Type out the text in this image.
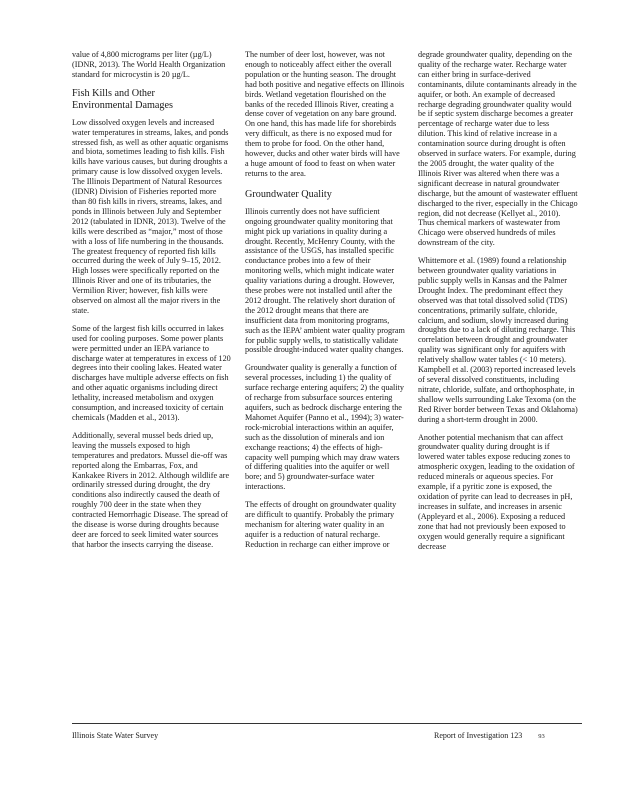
value of 4,800 micrograms per liter (µg/L) (IDNR, 2013). The World Health Organization standard for microcystin is 20 µg/L.

Fish Kills and Other
Environmental Damages

Low dissolved oxygen levels and increased water temperatures in streams, lakes, and ponds stressed fish, as well as other aquatic organisms and biota, sometimes leading to fish kills. Fish kills have various causes, but during droughts a primary cause is low dissolved oxygen levels. The Illinois Department of Natural Resources (IDNR) Division of Fisheries reported more than 80 fish kills in rivers, streams, lakes, and ponds in Illinois between July and September 2012 (tabulated in IDNR, 2013). Twelve of the kills were described as “major,” most of those with a loss of life numbering in the thousands. The greatest frequency of reported fish kills occurred during the week of July 9–15, 2012. High losses were specifically reported on the Illinois River and one of its tributaries, the Vermilion River; however, fish kills were observed on almost all the major rivers in the state.

Some of the largest fish kills occurred in lakes used for cooling purposes. Some power plants were permitted under an IEPA variance to discharge water at temperatures in excess of 120 degrees into their cooling lakes. Heated water discharges have multiple adverse effects on fish and other aquatic organisms including direct lethality, increased metabolism and oxygen consumption, and increased toxicity of certain chemicals (Madden et al., 2013).

Additionally, several mussel beds dried up, leaving the mussels exposed to high temperatures and predators. Mussel die-off was reported along the Embarras, Fox, and Kankakee Rivers in 2012. Although wildlife are ordinarily stressed during drought, the dry conditions also indirectly caused the death of roughly 700 deer in the state when they contracted Hemorrhagic Disease. The spread of the disease is worse during droughts because deer are forced to seek limited water sources that harbor the insects carrying the disease.

The number of deer lost, however, was not enough to noticeably affect either the overall population or the hunting season. The drought had both positive and negative effects on Illinois birds. Wetland vegetation flourished on the banks of the receded Illinois River, creating a dense cover of vegetation on any bare ground. On one hand, this has made life for shorebirds very difficult, as there is no exposed mud for them to probe for food. On the other hand, however, ducks and other water birds will have a huge amount of food to feast on when water returns to the area.

Groundwater Quality

Illinois currently does not have sufficient ongoing groundwater quality monitoring that might pick up variations in quality during a drought. Recently, McHenry County, with the assistance of the USGS, has installed specific conductance probes into a few of their monitoring wells, which might indicate water quality variations during a drought. However, these probes were not installed until after the 2012 drought. The relatively short duration of the 2012 drought means that there are insufficient data from monitoring programs, such as the IEPA’ ambient water quality program for public supply wells, to statistically validate possible drought-induced water quality changes.

Groundwater quality is generally a function of several processes, including 1) the quality of surface recharge entering aquifers; 2) the quality of recharge from subsurface sources entering aquifers, such as bedrock discharge entering the Mahomet Aquifer (Panno et al., 1994); 3) water-rock-microbial interactions within an aquifer, such as the dissolution of minerals and ion exchange reactions; 4) the effects of high-capacity well pumping which may draw waters of differing qualities into the aquifer or well bore; and 5) groundwater-surface water interactions.

The effects of drought on groundwater quality are difficult to quantify. Probably the primary mechanism for altering water quality in an aquifer is a reduction of natural recharge. Reduction in recharge can either improve or

degrade groundwater quality, depending on the quality of the recharge water. Recharge water can either bring in surface-derived contaminants, dilute contaminants already in the aquifer, or both. An example of decreased recharge degrading groundwater quality would be if septic system discharge becomes a greater percentage of recharge water due to less dilution. This kind of relative increase in a contamination source during drought is often observed in surface waters. For example, during the 2005 drought, the water quality of the Illinois River was altered when there was a significant decrease in natural groundwater discharge, but the amount of wastewater effluent discharged to the river, especially in the Chicago region, did not decrease (Kellyet al., 2010). Thus chemical markers of wastewater from Chicago were observed hundreds of miles downstream of the city.

Whittemore et al. (1989) found a relationship between groundwater quality variations in public supply wells in Kansas and the Palmer Drought Index. The predominant effect they observed was that total dissolved solid (TDS) concentrations, primarily sulfate, chloride, calcium, and sodium, slowly increased during droughts due to a lack of diluting recharge. This correlation between drought and groundwater quality was significant only for aquifers with relatively shallow water tables (< 10 meters). Kampbell et al. (2003) reported increased levels of several dissolved constituents, including nitrate, chloride, sulfate, and orthophosphate, in shallow wells surrounding Lake Texoma (on the Red River border between Texas and Oklahoma) during a short-term drought in 2000.

Another potential mechanism that can affect groundwater quality during drought is if lowered water tables expose reducing zones to atmospheric oxygen, leading to the oxidation of reduced minerals or aqueous species. For example, if a pyritic zone is exposed, the oxidation of pyrite can lead to decreases in pH, increases in sulfate, and increases in arsenic (Appleyard et al., 2006). Exposing a reduced zone that had not previously been exposed to oxygen would generally require a significant decrease

Illinois State Water Survey	Report of Investigation 123 93
